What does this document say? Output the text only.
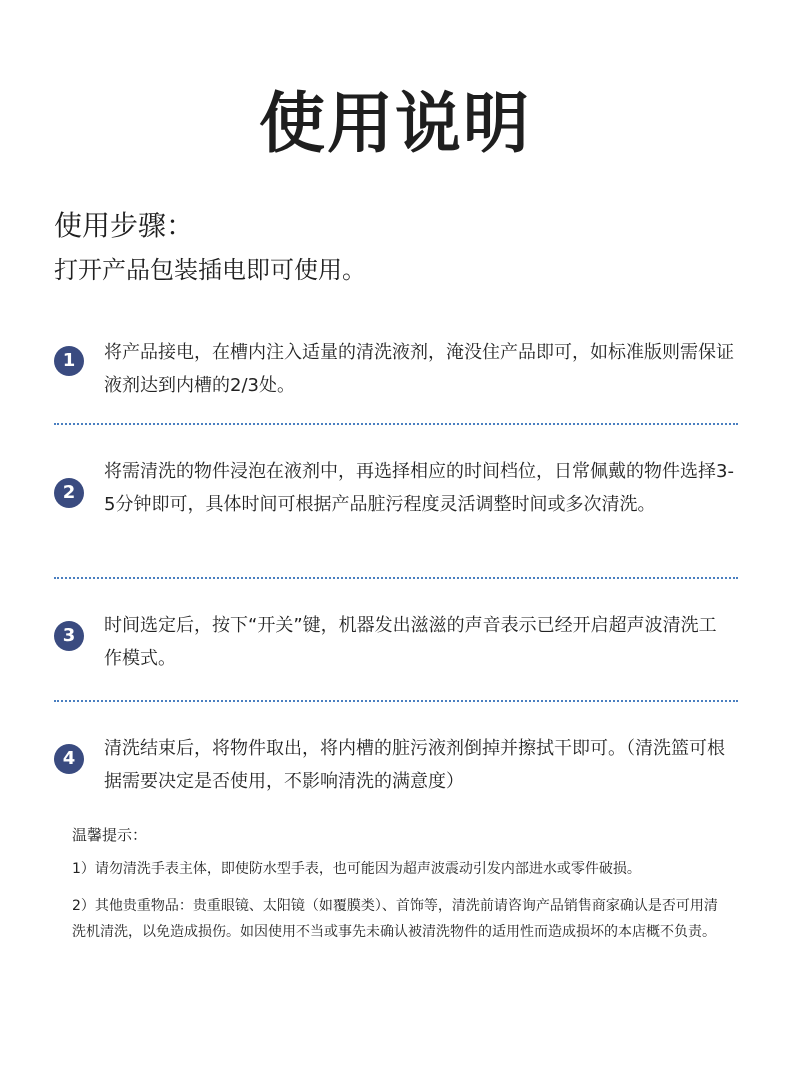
使用说明
使用步骤：
打开产品包装插电即可使用。
1	将产品接电，在槽内注入适量的清洗液剂，淹没住产品即可，如标准版则需保证液剂达到内槽的2/3处。
2
将需清洗的物件浸泡在液剂中，再选择相应的时间档位，日常佩戴的物件选择3-5分钟即可，具体时间可根据产品脏污程度灵活调整时间或多次清洗。
3	时间选定后，按下“开关”键，机器发出滋滋的声音表示已经开启超声波清洗工作模式。
4	清洗结束后，将物件取出，将内槽的脏污液剂倒掉并擦拭干即可。（清洗篮可根据需要决定是否使用，不影响清洗的满意度）
温馨提示：
1）请勿清洗手表主体，即使防水型手表，也可能因为超声波震动引发内部进水或零件破损。
2）其他贵重物品：贵重眼镜、太阳镜（如覆膜类）、首饰等，清洗前请咨询产品销售商家确认是否可用清洗机清洗，以免造成损伤。如因使用不当或事先未确认被清洗物件的适用性而造成损坏的本店概不负责。
